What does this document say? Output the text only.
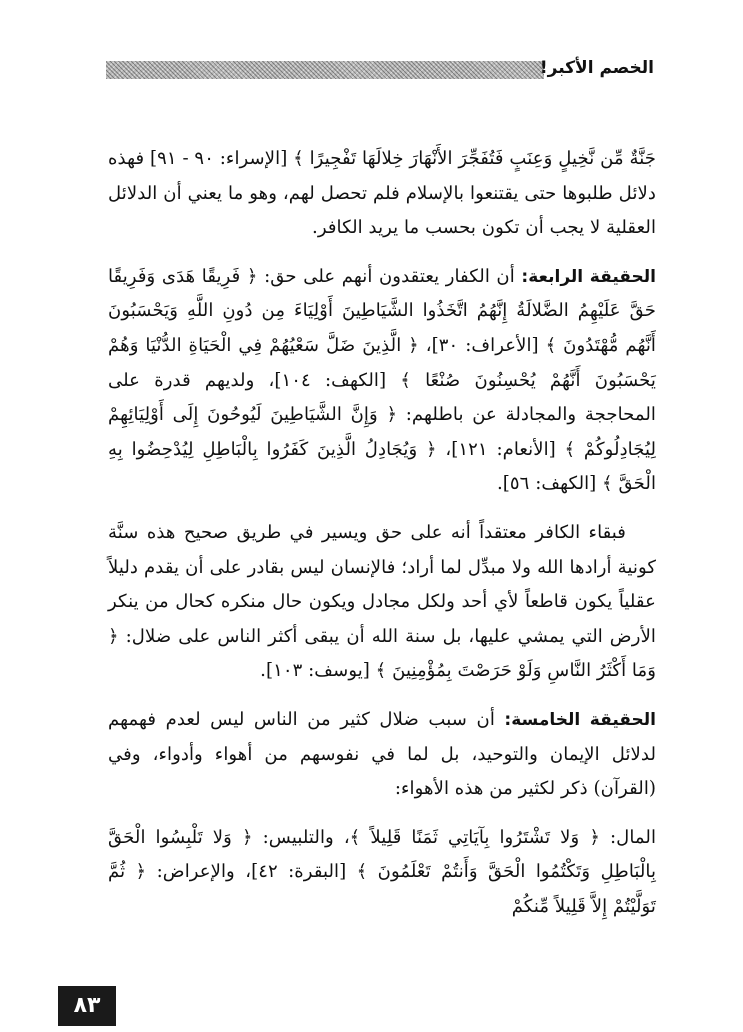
الخصم الأكبر!

جَنَّةٌ مِّن نَّخِيلٍ وَعِنَبٍ فَتُفَجِّرَ الأَنْهَارَ خِلالَهَا تَفْجِيرًا ﴾ [الإسراء: ٩٠ - ٩١] فهذه دلائل طلبوها حتى يقتنعوا بالإسلام فلم تحصل لهم، وهو ما يعني أن الدلائل العقلية لا يجب أن تكون بحسب ما يريد الكافر.

الحقيقة الرابعة: أن الكفار يعتقدون أنهم على حق: ﴿ فَرِيقًا هَدَى وَفَرِيقًا حَقَّ عَلَيْهِمُ الضَّلالَةُ إِنَّهُمُ اتَّخَذُوا الشَّيَاطِينَ أَوْلِيَاءَ مِن دُونِ اللَّهِ وَيَحْسَبُونَ أَنَّهُم مُّهْتَدُونَ ﴾ [الأعراف: ٣٠]، ﴿ الَّذِينَ ضَلَّ سَعْيُهُمْ فِي الْحَيَاةِ الدُّنْيَا وَهُمْ يَحْسَبُونَ أَنَّهُمْ يُحْسِنُونَ صُنْعًا ﴾ [الكهف: ١٠٤]، ولديهم قدرة على المحاججة والمجادلة عن باطلهم: ﴿ وَإِنَّ الشَّيَاطِينَ لَيُوحُونَ إِلَى أَوْلِيَائِهِمْ لِيُجَادِلُوكُمْ ﴾ [الأنعام: ١٢١]، ﴿ وَيُجَادِلُ الَّذِينَ كَفَرُوا بِالْبَاطِلِ لِيُدْحِضُوا بِهِ الْحَقَّ ﴾ [الكهف: ٥٦].

فبقاء الكافر معتقداً أنه على حق ويسير في طريق صحيح هذه سنَّة كونية أرادها الله ولا مبدِّل لما أراد؛ فالإنسان ليس بقادر على أن يقدم دليلاً عقلياً يكون قاطعاً لأي أحد ولكل مجادل ويكون حال منكره كحال من ينكر الأرض التي يمشي عليها، بل سنة الله أن يبقى أكثر الناس على ضلال: ﴿ وَمَا أَكْثَرُ النَّاسِ وَلَوْ حَرَصْتَ بِمُؤْمِنِينَ ﴾ [يوسف: ١٠٣].

الحقيقة الخامسة: أن سبب ضلال كثير من الناس ليس لعدم فهمهم لدلائل الإيمان والتوحيد، بل لما في نفوسهم من أهواء وأدواء، وفي (القرآن) ذكر لكثير من هذه الأهواء:

المال: ﴿ وَلا تَشْتَرُوا بِآيَاتِي ثَمَنًا قَلِيلاً ﴾، والتلبيس: ﴿ وَلا تَلْبِسُوا الْحَقَّ بِالْبَاطِلِ وَتَكْتُمُوا الْحَقَّ وَأَنتُمْ تَعْلَمُونَ ﴾ [البقرة: ٤٢]، والإعراض: ﴿ ثُمَّ تَوَلَّيْتُمْ إِلاَّ قَلِيلاً مِّنكُمْ

٨٣
